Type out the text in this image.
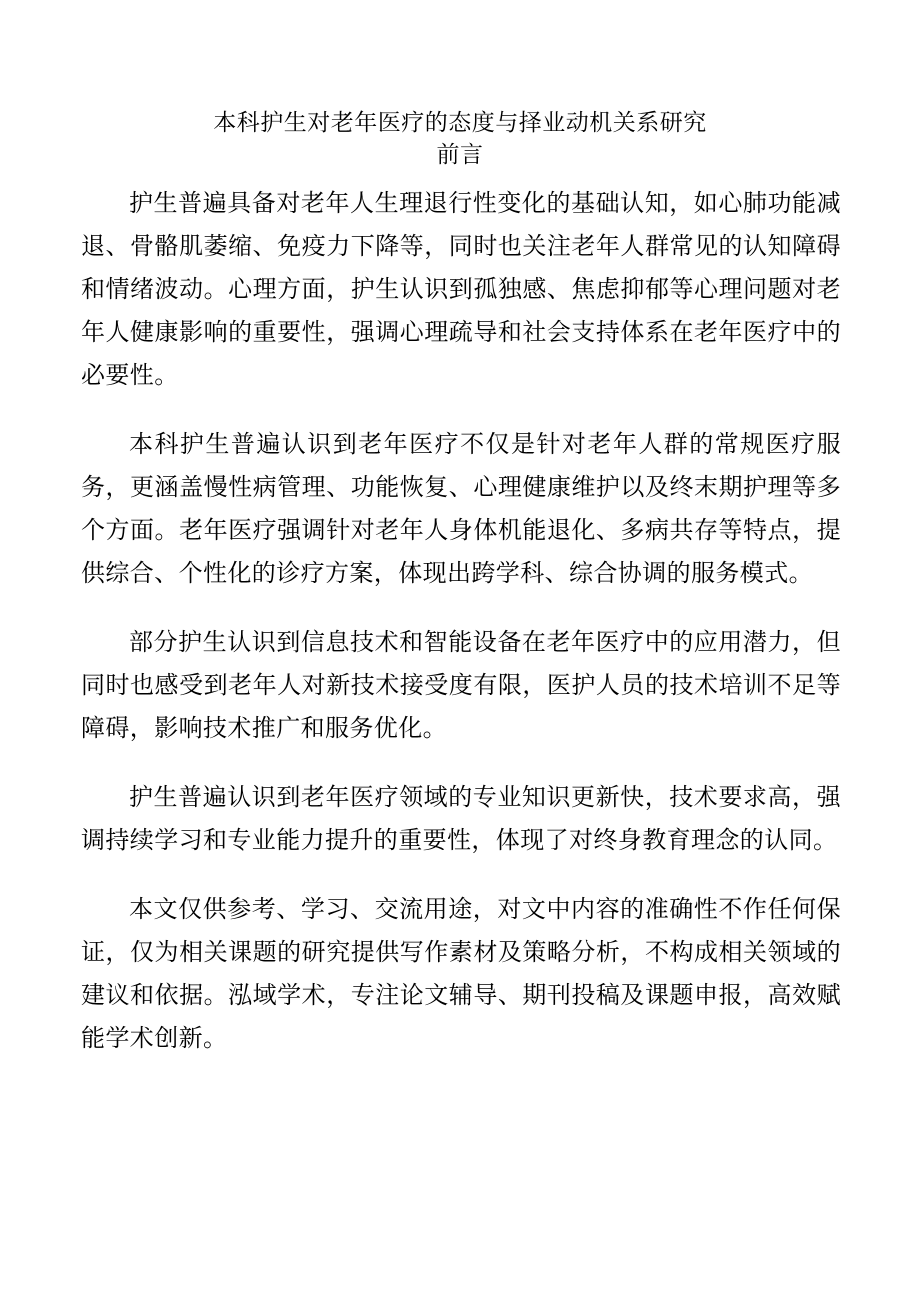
本科护生对老年医疗的态度与择业动机关系研究
前言

护生普遍具备对老年人生理退行性变化的基础认知，如心肺功能减退、骨骼肌萎缩、免疫力下降等，同时也关注老年人群常见的认知障碍和情绪波动。心理方面，护生认识到孤独感、焦虑抑郁等心理问题对老年人健康影响的重要性，强调心理疏导和社会支持体系在老年医疗中的必要性。

本科护生普遍认识到老年医疗不仅是针对老年人群的常规医疗服务，更涵盖慢性病管理、功能恢复、心理健康维护以及终末期护理等多个方面。老年医疗强调针对老年人身体机能退化、多病共存等特点，提供综合、个性化的诊疗方案，体现出跨学科、综合协调的服务模式。

部分护生认识到信息技术和智能设备在老年医疗中的应用潜力，但同时也感受到老年人对新技术接受度有限，医护人员的技术培训不足等障碍，影响技术推广和服务优化。

护生普遍认识到老年医疗领域的专业知识更新快，技术要求高，强调持续学习和专业能力提升的重要性，体现了对终身教育理念的认同。

本文仅供参考、学习、交流用途，对文中内容的准确性不作任何保证，仅为相关课题的研究提供写作素材及策略分析，不构成相关领域的建议和依据。泓域学术，专注论文辅导、期刊投稿及课题申报，高效赋能学术创新。
